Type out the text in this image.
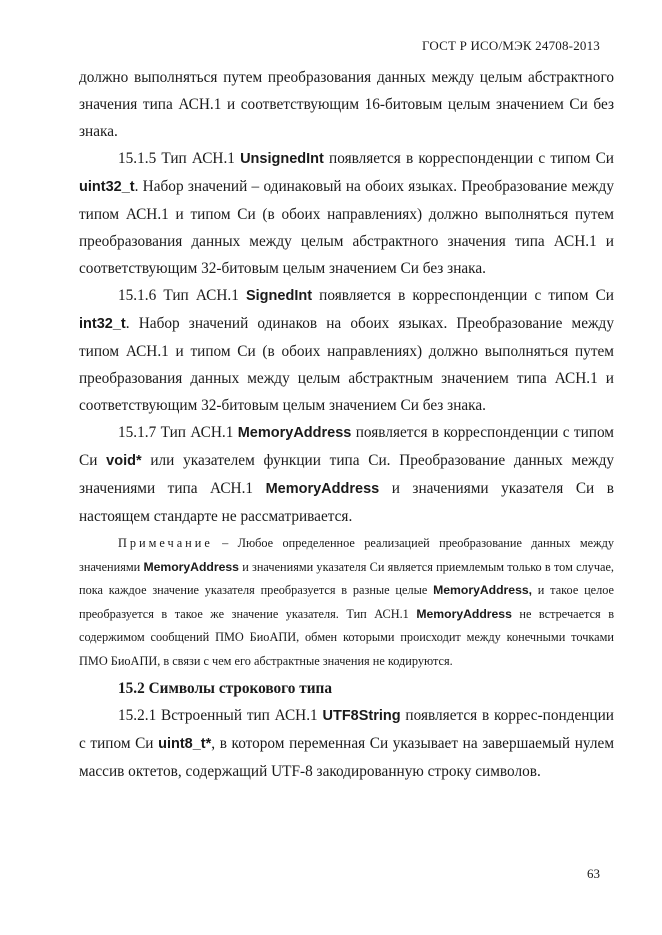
ГОСТ Р ИСО/МЭК 24708-2013

должно выполняться путем преобразования данных между целым абстрактного значения типа АСН.1 и соответствующим 16-битовым целым значением Си без знака.

15.1.5 Тип АСН.1 UnsignedInt появляется в корреспонденции с типом Си uint32_t. Набор значений – одинаковый на обоих языках. Преобразование между типом АСН.1 и типом Си (в обоих направлениях) должно выполняться путем преобразования данных между целым абстрактного значения типа АСН.1 и соответствующим 32-битовым целым значением Си без знака.

15.1.6 Тип АСН.1 SignedInt появляется в корреспонденции с типом Си int32_t. Набор значений одинаков на обоих языках. Преобразование между типом АСН.1 и типом Си (в обоих направлениях) должно выполняться путем преобразования данных между целым абстрактным значением типа АСН.1 и соответствующим 32-битовым целым значением Си без знака.

15.1.7 Тип АСН.1 MemoryAddress появляется в корреспонденции с типом Си void* или указателем функции типа Си. Преобразование данных между значениями типа АСН.1 MemoryAddress и значениями указателя Си в настоящем стандарте не рассматривается.

Примечание – Любое определенное реализацией преобразование данных между значениями MemoryAddress и значениями указателя Си является приемлемым только в том случае, пока каждое значение указателя преобразуется в разные целые MemoryAddress, и такое целое преобразуется в такое же значение указателя. Тип АСН.1 MemoryAddress не встречается в содержимом сообщений ПМО БиоАПИ, обмен которыми происходит между конечными точками ПМО БиоАПИ, в связи с чем его абстрактные значения не кодируются.

15.2 Символы строкового типа

15.2.1 Встроенный тип АСН.1 UTF8String появляется в коррес-понденции с типом Си uint8_t*, в котором переменная Си указывает на завершаемый нулем массив октетов, содержащий UTF-8 закодированную строку символов.

63
